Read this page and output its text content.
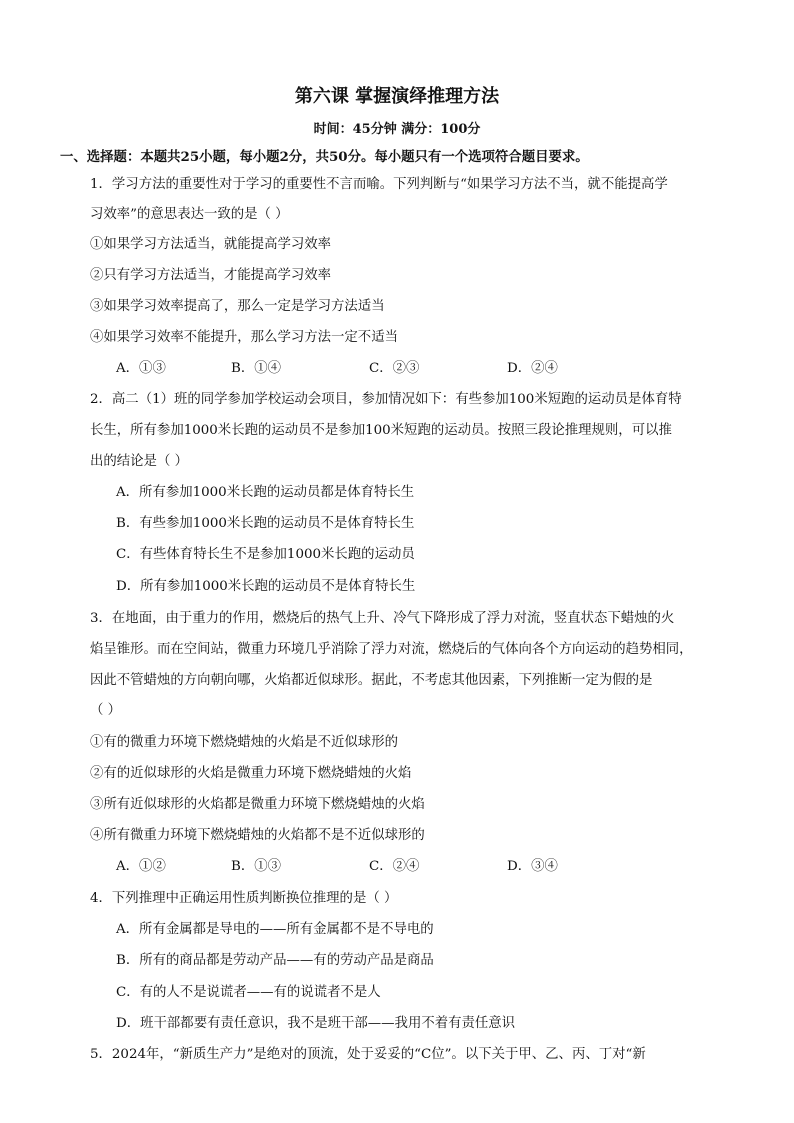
第六课 掌握演绎推理方法
时间：45分钟 满分：100分
一、选择题：本题共25小题，每小题2分，共50分。每小题只有一个选项符合题目要求。
1．学习方法的重要性对于学习的重要性不言而喻。下列判断与“如果学习方法不当，就不能提高学
习效率”的意思表达一致的是（ ）
①如果学习方法适当，就能提高学习效率
②只有学习方法适当，才能提高学习效率
③如果学习效率提高了，那么一定是学习方法适当
④如果学习效率不能提升，那么学习方法一定不适当
A．①③	B．①④	C．②③	D．②④
2．高二（1）班的同学参加学校运动会项目，参加情况如下：有些参加100米短跑的运动员是体育特
长生，所有参加1000米长跑的运动员不是参加100米短跑的运动员。按照三段论推理规则，可以推
出的结论是（ ）
A．所有参加1000米长跑的运动员都是体育特长生
B．有些参加1000米长跑的运动员不是体育特长生
C．有些体育特长生不是参加1000米长跑的运动员
D．所有参加1000米长跑的运动员不是体育特长生
3．在地面，由于重力的作用，燃烧后的热气上升、冷气下降形成了浮力对流，竖直状态下蜡烛的火
焰呈锥形。而在空间站，微重力环境几乎消除了浮力对流，燃烧后的气体向各个方向运动的趋势相同，
因此不管蜡烛的方向朝向哪，火焰都近似球形。据此，不考虑其他因素，下列推断一定为假的是
（ ）
①有的微重力环境下燃烧蜡烛的火焰是不近似球形的
②有的近似球形的火焰是微重力环境下燃烧蜡烛的火焰
③所有近似球形的火焰都是微重力环境下燃烧蜡烛的火焰
④所有微重力环境下燃烧蜡烛的火焰都不是不近似球形的
A．①②	B．①③	C．②④	D．③④
4．下列推理中正确运用性质判断换位推理的是（ ）
A．所有金属都是导电的——所有金属都不是不导电的
B．所有的商品都是劳动产品——有的劳动产品是商品
C．有的人不是说谎者——有的说谎者不是人
D．班干部都要有责任意识，我不是班干部——我用不着有责任意识
5．2024年，“新质生产力”是绝对的顶流，处于妥妥的“C位”。以下关于甲、乙、丙、丁对“新
